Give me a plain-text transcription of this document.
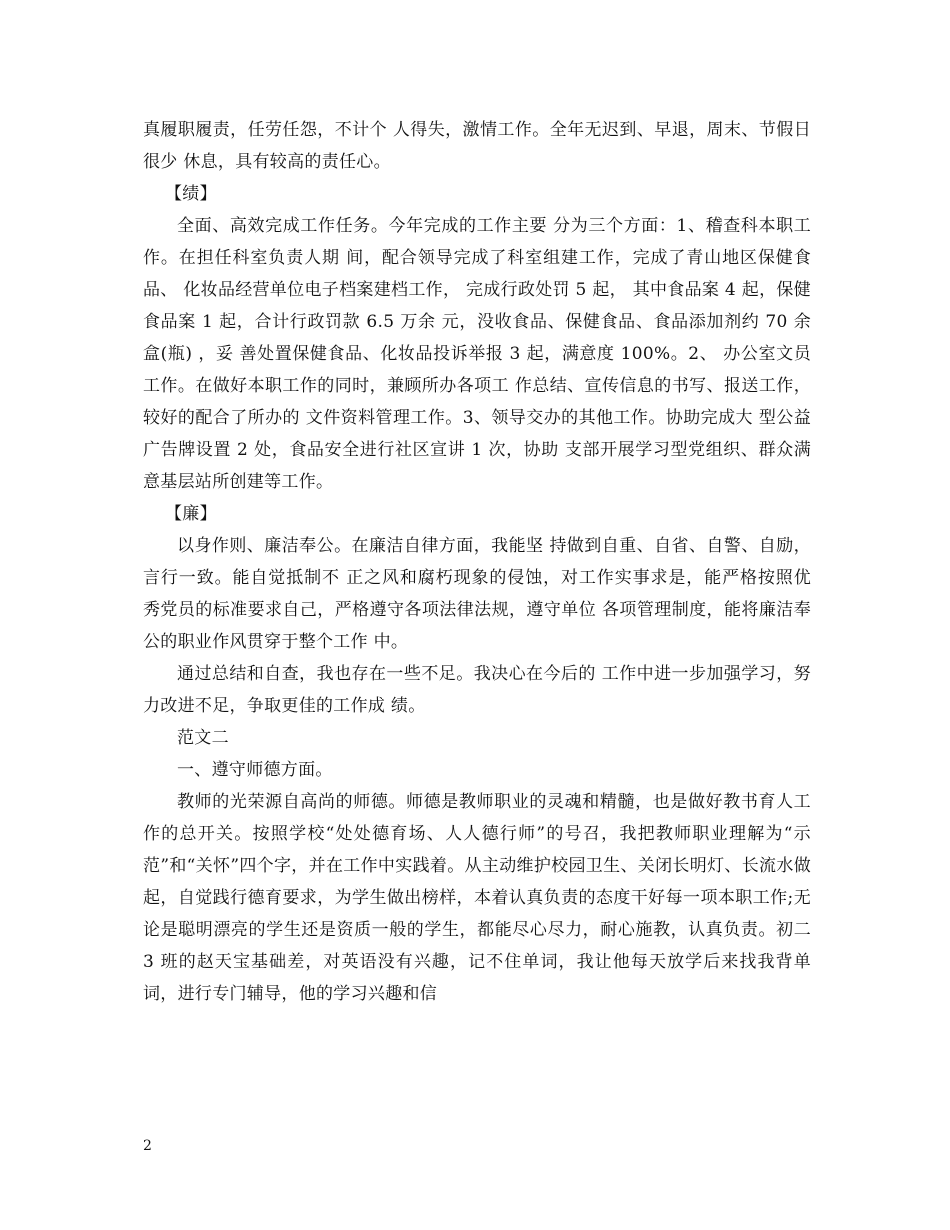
真履职履责，任劳任怨，不计个 人得失，激情工作。全年无迟到、早退，周末、节假日很少 休息，具有较高的责任心。

【绩】

全面、高效完成工作任务。今年完成的工作主要 分为三个方面：1、稽查科本职工作。在担任科室负责人期 间，配合领导完成了科室组建工作，完成了青山地区保健食 品、 化妆品经营单位电子档案建档工作， 完成行政处罚 5 起， 其中食品案 4 起，保健食品案 1 起，合计行政罚款 6.5 万余 元，没收食品、保健食品、食品添加剂约 70 余盒(瓶) ，妥 善处置保健食品、化妆品投诉举报 3 起，满意度 100%。2、 办公室文员工作。在做好本职工作的同时，兼顾所办各项工 作总结、宣传信息的书写、报送工作，较好的配合了所办的 文件资料管理工作。3、领导交办的其他工作。协助完成大 型公益广告牌设置 2 处，食品安全进行社区宣讲 1 次，协助 支部开展学习型党组织、群众满意基层站所创建等工作。

【廉】

以身作则、廉洁奉公。在廉洁自律方面，我能坚 持做到自重、自省、自警、自励，言行一致。能自觉抵制不 正之风和腐朽现象的侵蚀，对工作实事求是，能严格按照优 秀党员的标准要求自己，严格遵守各项法律法规，遵守单位 各项管理制度，能将廉洁奉公的职业作风贯穿于整个工作 中。

通过总结和自查，我也存在一些不足。我决心在今后的 工作中进一步加强学习，努力改进不足，争取更佳的工作成 绩。

范文二

一、遵守师德方面。

教师的光荣源自高尚的师德。师德是教师职业的灵魂和精髓，也是做好教书育人工作的总开关。按照学校“处处德育场、人人德行师”的号召，我把教师职业理解为“示范”和“关怀”四个字，并在工作中实践着。从主动维护校园卫生、关闭长明灯、长流水做起，自觉践行德育要求，为学生做出榜样，本着认真负责的态度干好每一项本职工作;无论是聪明漂亮的学生还是资质一般的学生，都能尽心尽力，耐心施教，认真负责。初二 3 班的赵天宝基础差，对英语没有兴趣，记不住单词，我让他每天放学后来找我背单词，进行专门辅导，他的学习兴趣和信

2
